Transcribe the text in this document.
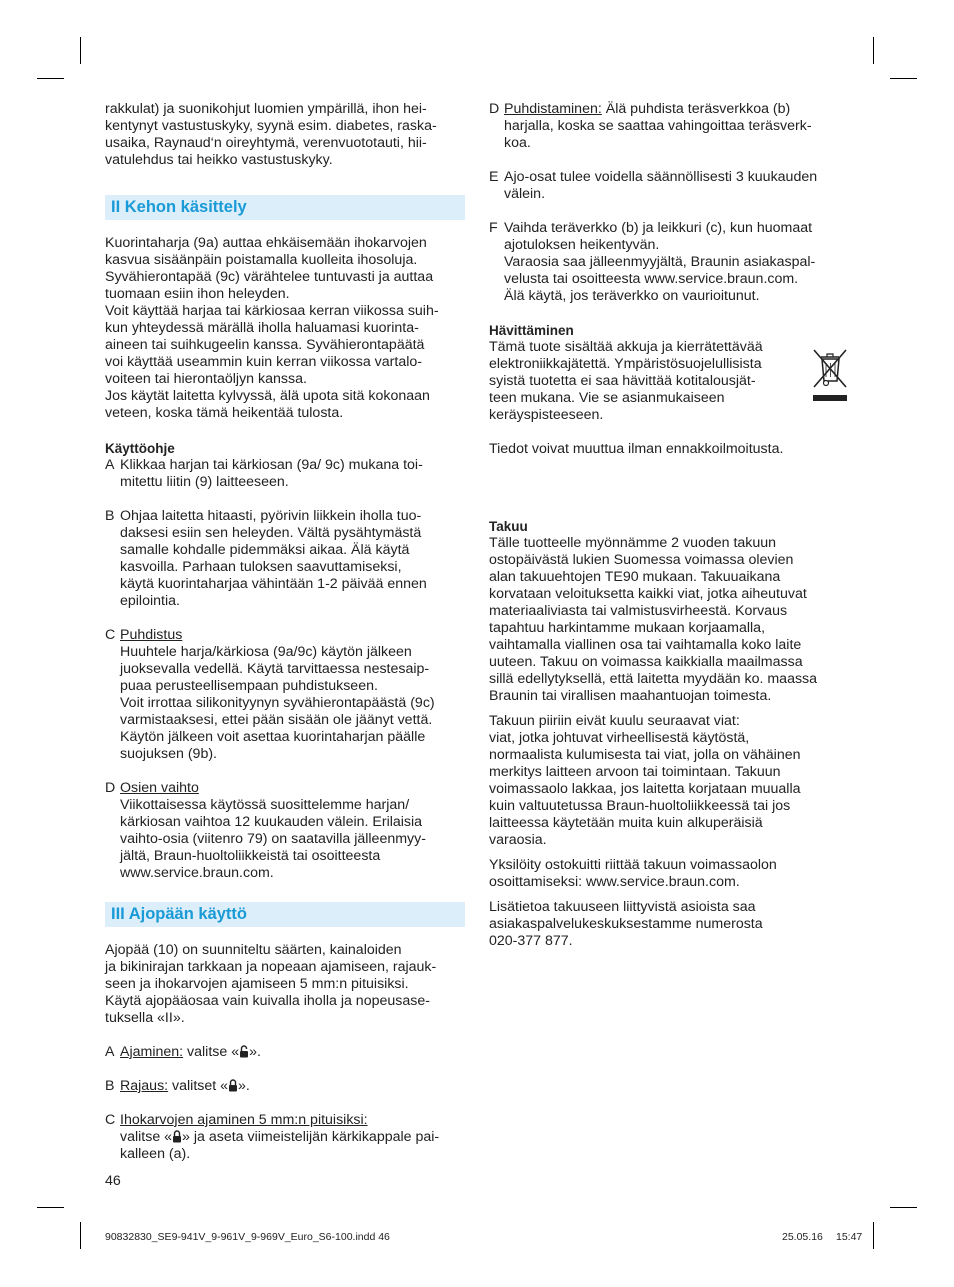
rakkulat) ja suonikohjut luomien ympärillä, ihon hei-
kentynyt vastustuskyky, syynä esim. diabetes, raska-
usaika, Raynaud‘n oireyhtymä, verenvuototauti, hii-
vatulehdus tai heikko vastustuskyky.

II Kehon käsittely

Kuorintaharja (9a) auttaa ehkäisemään ihokarvojen
kasvua sisäänpäin poistamalla kuolleita ihosoluja.
Syvähierontapää (9c) värähtelee tuntuvasti ja auttaa
tuomaan esiin ihon heleyden.
Voit käyttää harjaa tai kärkiosaa kerran viikossa suih-
kun yhteydessä märällä iholla haluamasi kuorinta-
aineen tai suihkugeelin kanssa. Syvähierontapäätä
voi käyttää useammin kuin kerran viikossa vartalo-
voiteen tai hierontaöljyn kanssa.
Jos käytät laitetta kylvyssä, älä upota sitä kokonaan
veteen, koska tämä heikentää tulosta.

Käyttöohje
A Klikkaa harjan tai kärkiosan (9a/ 9c) mukana toi-
mitettu liitin (9) laitteeseen.
B Ohjaa laitetta hitaasti, pyörivin liikkein iholla tuo-
daksesi esiin sen heleyden. Vältä pysähtymästä
samalle kohdalle pidemmäksi aikaa. Älä käytä
kasvoilla. Parhaan tuloksen saavuttamiseksi,
käytä kuorintaharjaa vähintään 1-2 päivää ennen
epilointia.
C Puhdistus
Huuhtele harja/kärkiosa (9a/9c) käytön jälkeen
juoksevalla vedellä. Käytä tarvittaessa nestesaip-
puaa perusteellisempaan puhdistukseen.
Voit irrottaa silikonityynyn syvähierontapäästä (9c)
varmistaaksesi, ettei pään sisään ole jäänyt vettä.
Käytön jälkeen voit asettaa kuorintaharjan päälle
suojuksen (9b).
D Osien vaihto
Viikottaisessa käytössä suosittelemme harjan/
kärkiosan vaihtoa 12 kuukauden välein. Erilaisia
vaihto-osia (viitenro 79) on saatavilla jälleenmyy-
jältä, Braun-huoltoliikkeistä tai osoitteesta
www.service.braun.com.
III Ajopään käyttö

Ajopää (10) on suunniteltu säärten, kainaloiden
ja bikinirajan tarkkaan ja nopeaan ajamiseen, rajauk-
seen ja ihokarvojen ajamiseen 5 mm:n pituisiksi.
Käytä ajopääosaa vain kuivalla iholla ja nopeusase-
tuksella «II».

A Ajaminen: valitse « ».
B Rajaus: valitset « ».
C Ihokarvojen ajaminen 5 mm:n pituisiksi:
valitse « » ja aseta viimeistelijän kärkikappale pai-
kalleen (a).
46
D Puhdistaminen: Älä puhdista teräsverkkoa (b)
harjalla, koska se saattaa vahingoittaa teräsverk-
koa.
E Ajo-osat tulee voidella säännöllisesti 3 kuukauden
välein.
F Vaihda teräverkko (b) ja leikkuri (c), kun huomaat
ajotuloksen heikentyvän.
Varaosia saa jälleenmyyjältä, Braunin asiakaspal-
velusta tai osoitteesta www.service.braun.com.
Älä käytä, jos teräverkko on vaurioitunut.
Hävittäminen

Tämä tuote sisältää akkuja ja kierrätettävää
elektroniikkajätettä. Ympäristösuojelullisista
syistä tuotetta ei saa hävittää kotitalousjät-
teen mukana. Vie se asianmukaiseen
keräyspisteeseen.

Tiedot voivat muuttua ilman ennakkoilmoitusta.

Takuu

Tälle tuotteelle myönnämme 2 vuoden takuun
ostopäivästä lukien Suomessa voimassa olevien
alan takuuehtojen TE90 mukaan. Takuuaikana
korvataan veloituksetta kaikki viat, jotka aiheutuvat
materiaaliviasta tai valmistusvirheestä. Korvaus
tapahtuu harkintamme mukaan korjaamalla,
vaihtamalla viallinen osa tai vaihtamalla koko laite
uuteen. Takuu on voimassa kaikkialla maailmassa
sillä edellytyksellä, että laitetta myydään ko. maassa
Braunin tai virallisen maahantuojan toimesta.

Takuun piiriin eivät kuulu seuraavat viat:
viat, jotka johtuvat virheellisestä käytöstä,
normaalista kulumisesta tai viat, jolla on vähäinen
merkitys laitteen arvoon tai toimintaan. Takuun
voimassaolo lakkaa, jos laitetta korjataan muualla
kuin valtuutetussa Braun-huoltoliikkeessä tai jos
laitteessa käytetään muita kuin alkuperäisiä
varaosia.

Yksilöity ostokuitti riittää takuun voimassaolon
osoittamiseksi: www.service.braun.com.

Lisätietoa takuuseen liittyvistä asioista saa
asiakaspalvelukeskuksestamme numerosta
020-377 877.

90832830_SE9-941V_9-961V_9-969V_Euro_S6-100.indd 46	25.05.16 15:47
